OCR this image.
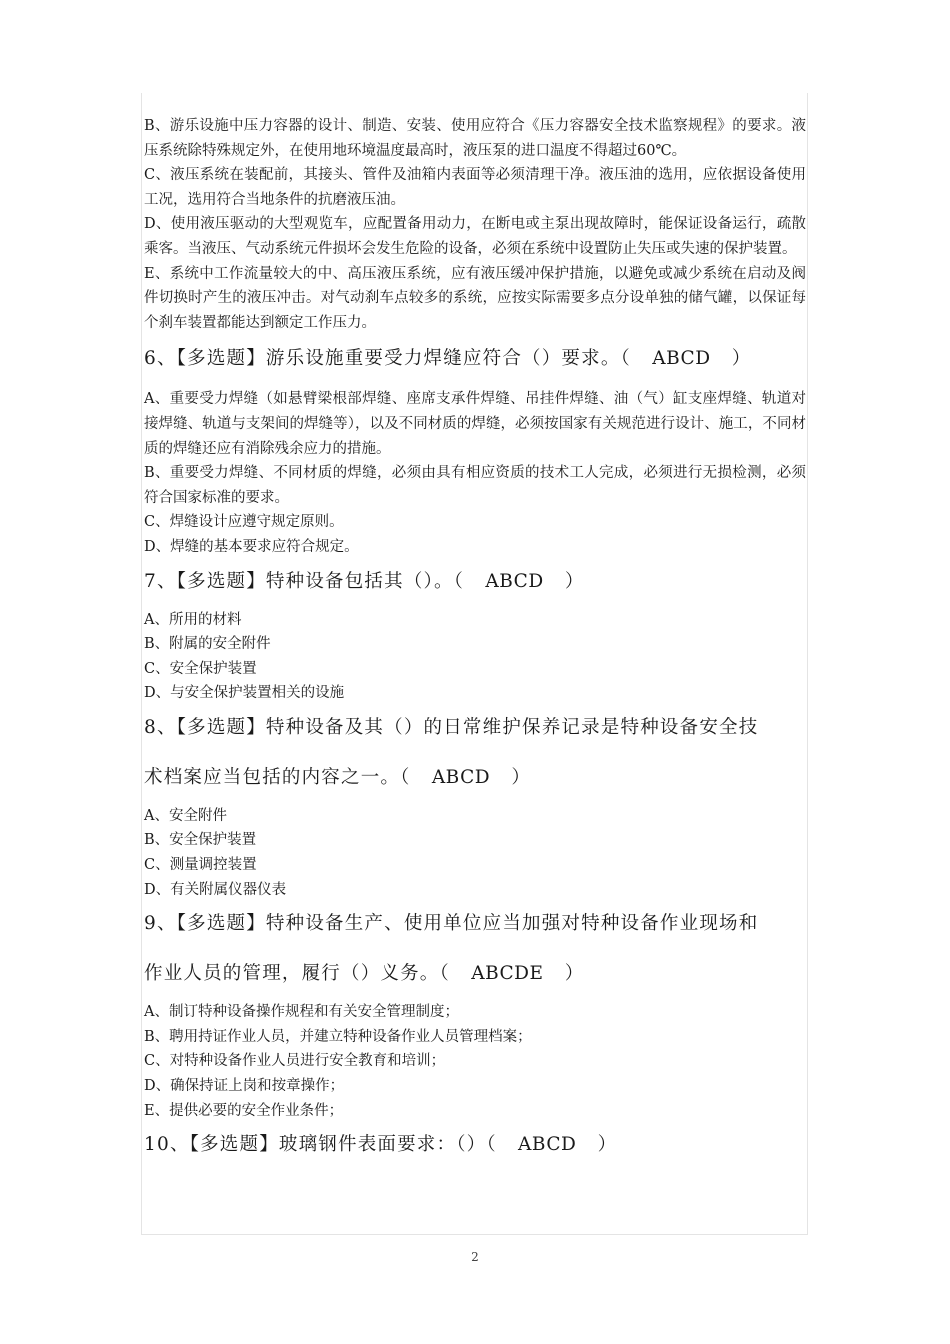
B、游乐设施中压力容器的设计、制造、安装、使用应符合《压力容器安全技术监察规程》的要求。液压系统除特殊规定外，在使用地环境温度最高时，液压泵的进口温度不得超过60℃。

C、液压系统在装配前，其接头、管件及油箱内表面等必须清理干净。液压油的选用，应依据设备使用工况，选用符合当地条件的抗磨液压油。

D、使用液压驱动的大型观览车，应配置备用动力，在断电或主泵出现故障时，能保证设备运行，疏散乘客。当液压、气动系统元件损坏会发生危险的设备，必须在系统中设置防止失压或失速的保护装置。

E、系统中工作流量较大的中、高压液压系统，应有液压缓冲保护措施，以避免或减少系统在启动及阀件切换时产生的液压冲击。对气动刹车点较多的系统，应按实际需要多点分设单独的储气罐，以保证每个刹车装置都能达到额定工作压力。

6、【多选题】游乐设施重要受力焊缝应符合（）要求。（ ABCD ）

A、重要受力焊缝（如悬臂梁根部焊缝、座席支承件焊缝、吊挂件焊缝、油（气）缸支座焊缝、轨道对接焊缝、轨道与支架间的焊缝等），以及不同材质的焊缝，必须按国家有关规范进行设计、施工，不同材质的焊缝还应有消除残余应力的措施。

B、重要受力焊缝、不同材质的焊缝，必须由具有相应资质的技术工人完成，必须进行无损检测，必须符合国家标准的要求。

C、焊缝设计应遵守规定原则。

D、焊缝的基本要求应符合规定。

7、【多选题】特种设备包括其（）。（ ABCD ）

A、所用的材料

B、附属的安全附件

C、安全保护装置

D、与安全保护装置相关的设施

8、【多选题】特种设备及其（）的日常维护保养记录是特种设备安全技

术档案应当包括的内容之一。（ ABCD ）

A、安全附件

B、安全保护装置

C、测量调控装置

D、有关附属仪器仪表

9、【多选题】特种设备生产、使用单位应当加强对特种设备作业现场和

作业人员的管理，履行（）义务。（ ABCDE ）

A、制订特种设备操作规程和有关安全管理制度；

B、聘用持证作业人员，并建立特种设备作业人员管理档案；

C、对特种设备作业人员进行安全教育和培训；

D、确保持证上岗和按章操作；

E、提供必要的安全作业条件；

10、【多选题】玻璃钢件表面要求：（）（ ABCD ）

2
